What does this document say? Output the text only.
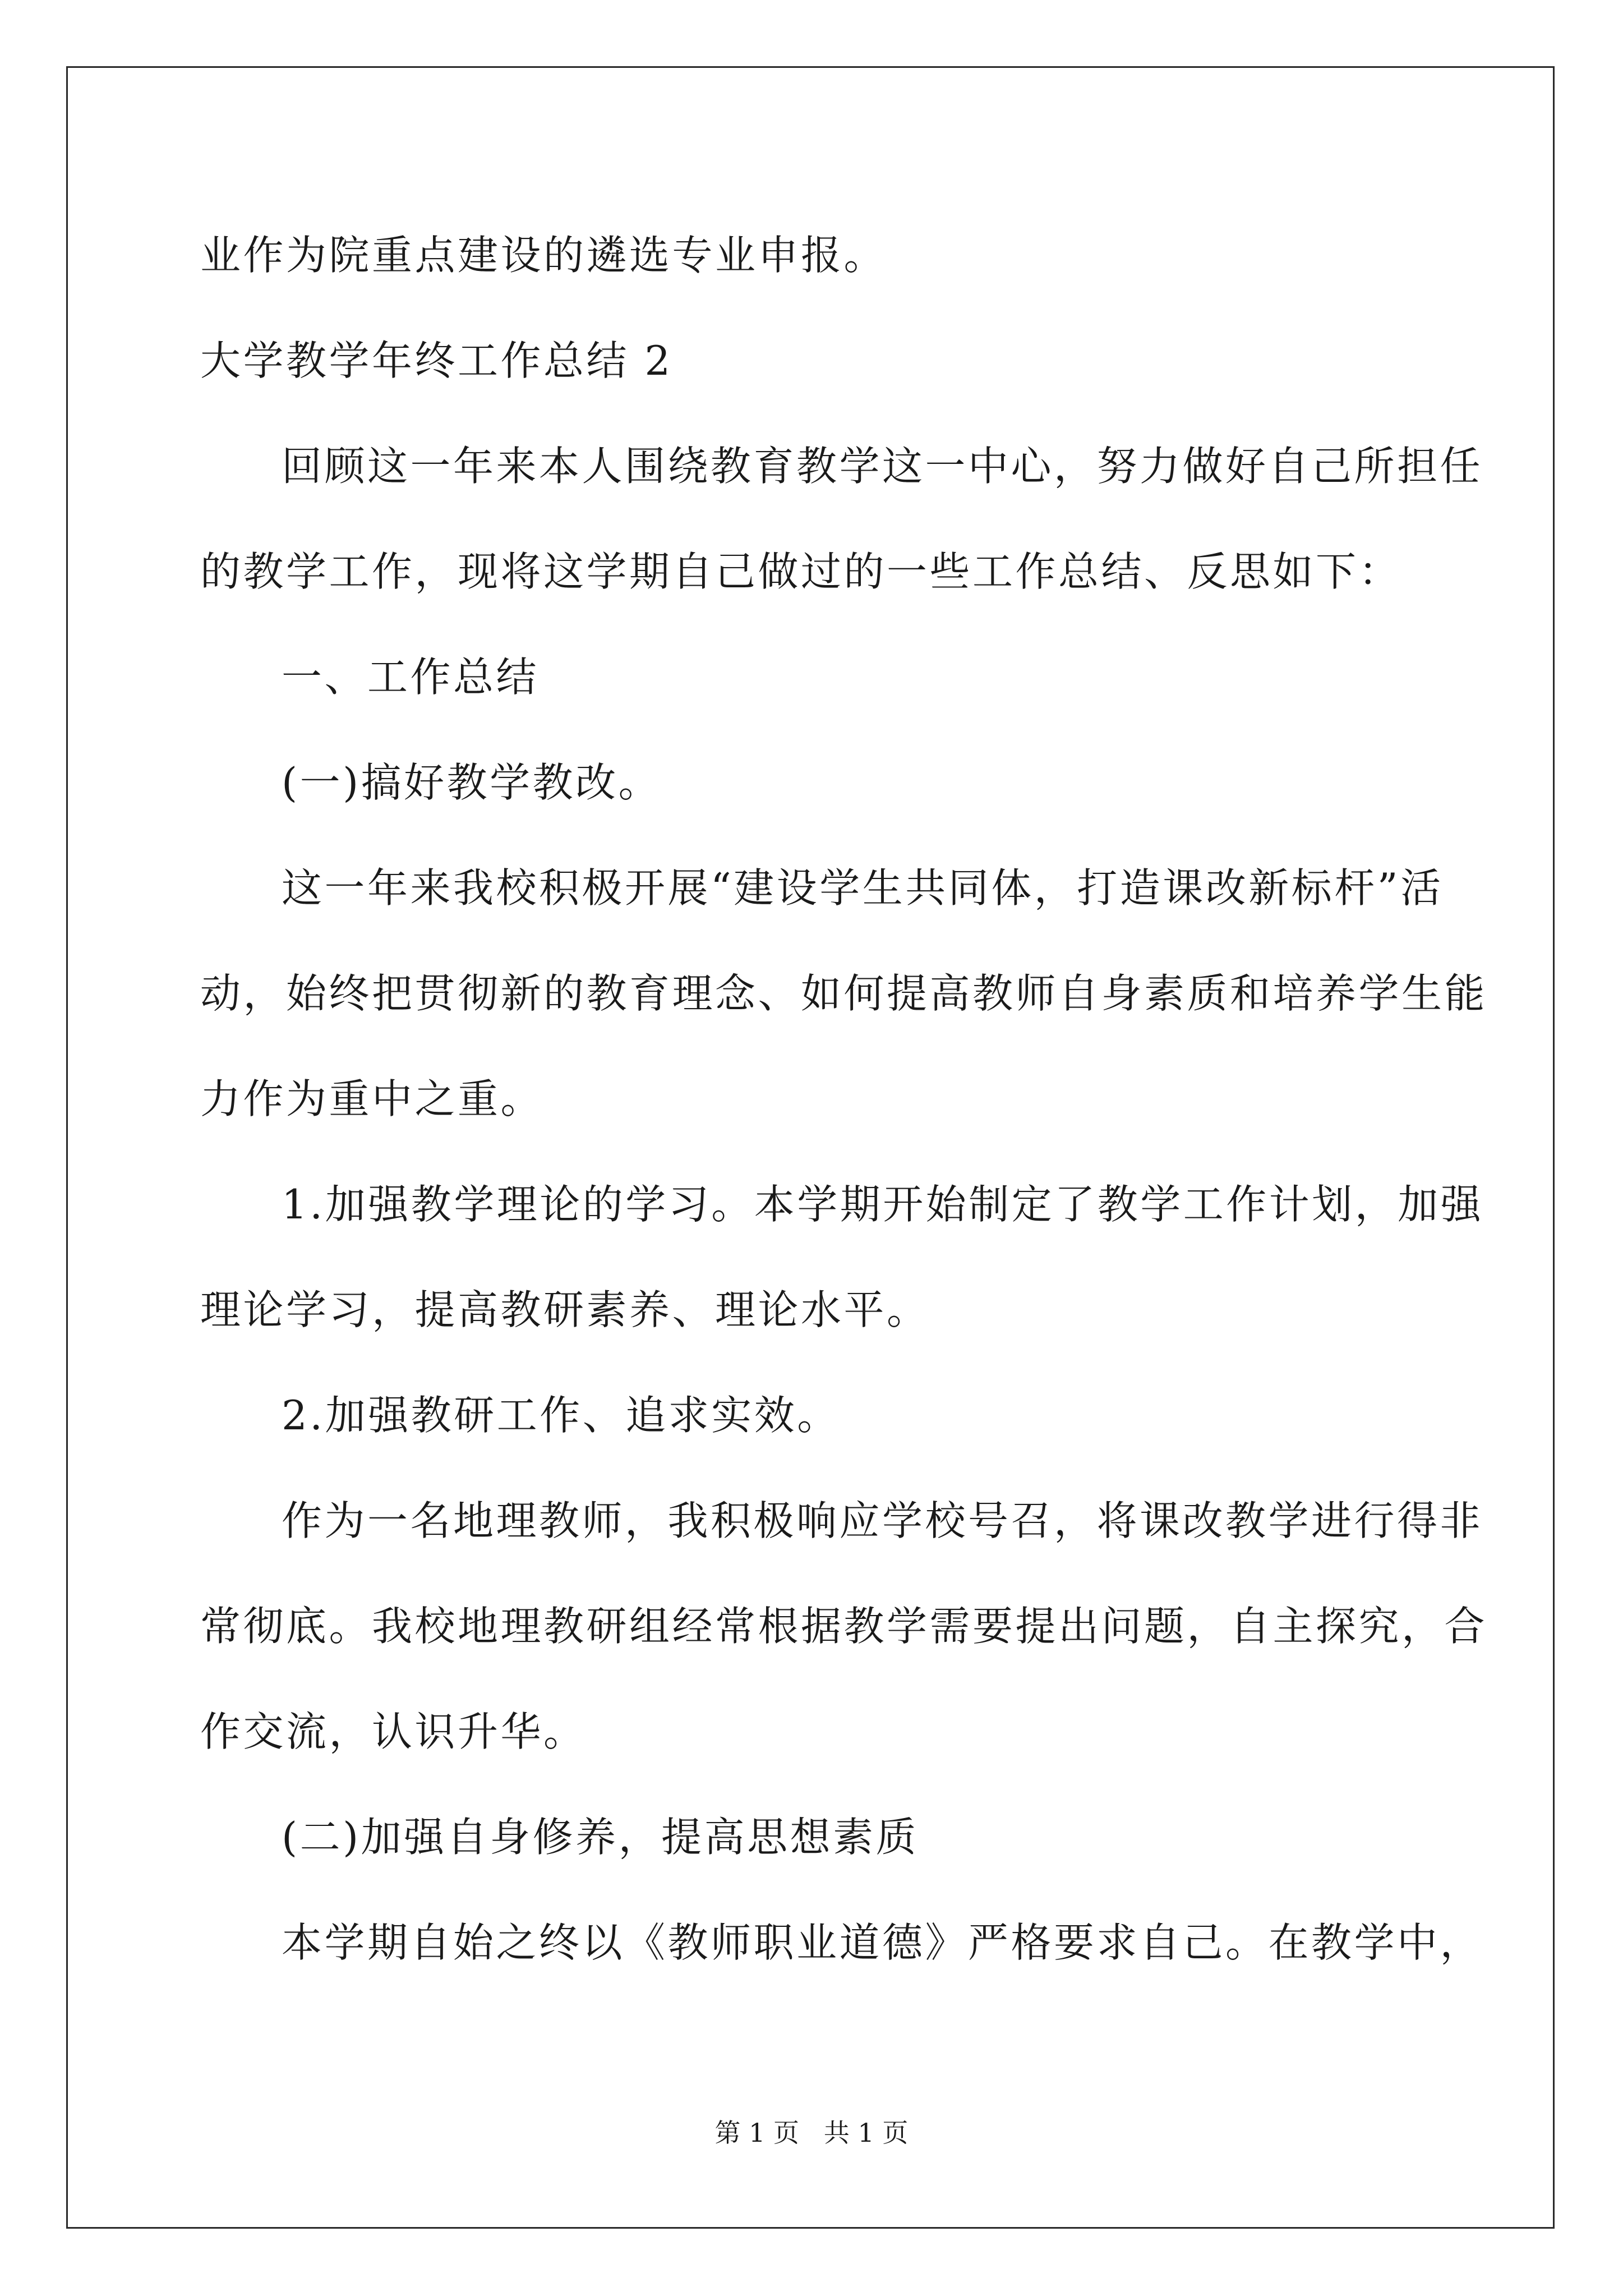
业作为院重点建设的遴选专业申报。
大学教学年终工作总结 2
回顾这一年来本人围绕教育教学这一中心，努力做好自己所担任
的教学工作，现将这学期自己做过的一些工作总结、反思如下：
一、工作总结
(一)搞好教学教改。
这一年来我校积极开展“建设学生共同体，打造课改新标杆”活
动，始终把贯彻新的教育理念、如何提高教师自身素质和培养学生能
力作为重中之重。
1.加强教学理论的学习。本学期开始制定了教学工作计划，加强
理论学习，提高教研素养、理论水平。
2.加强教研工作、追求实效。
作为一名地理教师，我积极响应学校号召，将课改教学进行得非
常彻底。我校地理教研组经常根据教学需要提出问题，自主探究，合
作交流，认识升华。
(二)加强自身修养，提高思想素质
本学期自始之终以《教师职业道德》严格要求自己。在教学中，
第 1 页   共 1 页
